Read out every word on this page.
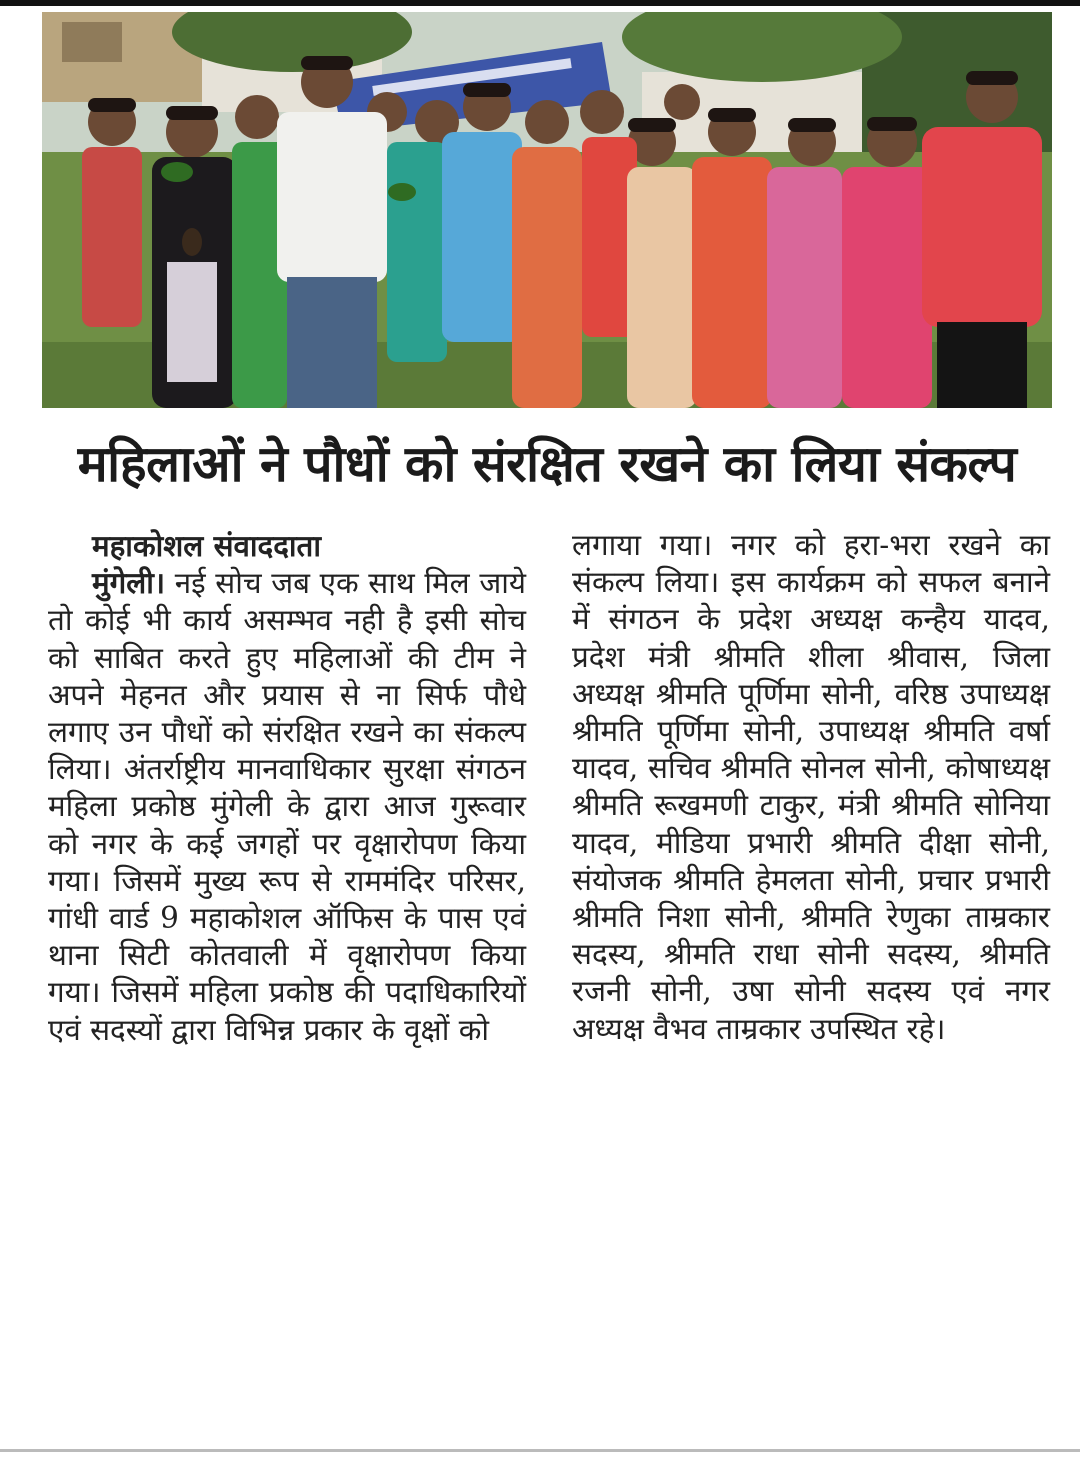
महिलाओं ने पौधों को संरक्षित रखने का लिया संकल्प

महाकोशल संवाददाता

मुंगेली। नई सोच जब एक साथ मिल जाये तो कोई भी कार्य असम्भव नही है इसी सोच को साबित करते हुए महिलाओं की टीम ने अपने मेहनत और प्रयास से ना सिर्फ पौधे लगाए उन पौधों को संरक्षित रखने का संकल्प लिया। अंतर्राष्ट्रीय मानवाधिकार सुरक्षा संगठन महिला प्रकोष्ठ मुंगेली के द्वारा आज गुरूवार को नगर के कई जगहों पर वृक्षारोपण किया गया। जिसमें मुख्य रूप से राममंदिर परिसर, गांधी वार्ड 9 महाकोशल ऑफिस के पास एवं थाना सिटी कोतवाली में वृक्षारोपण किया गया। जिसमें महिला प्रकोष्ठ की पदाधिकारियों एवं सदस्यों द्वारा विभिन्न प्रकार के वृक्षों को

लगाया गया। नगर को हरा-भरा रखने का संकल्प लिया। इस कार्यक्रम को सफल बनाने में संगठन के प्रदेश अध्यक्ष कन्हैय यादव, प्रदेश मंत्री श्रीमति शीला श्रीवास, जिला अध्यक्ष श्रीमति पूर्णिमा सोनी, वरिष्ठ उपाध्यक्ष श्रीमति पूर्णिमा सोनी, उपाध्यक्ष श्रीमति वर्षा यादव, सचिव श्रीमति सोनल सोनी, कोषाध्यक्ष श्रीमति रूखमणी टाकुर, मंत्री श्रीमति सोनिया यादव, मीडिया प्रभारी श्रीमति दीक्षा सोनी, संयोजक श्रीमति हेमलता सोनी, प्रचार प्रभारी श्रीमति निशा सोनी, श्रीमति रेणुका ताम्रकार सदस्य, श्रीमति राधा सोनी सदस्य, श्रीमति रजनी सोनी, उषा सोनी सदस्य एवं नगर अध्यक्ष वैभव ताम्रकार उपस्थित रहे।
